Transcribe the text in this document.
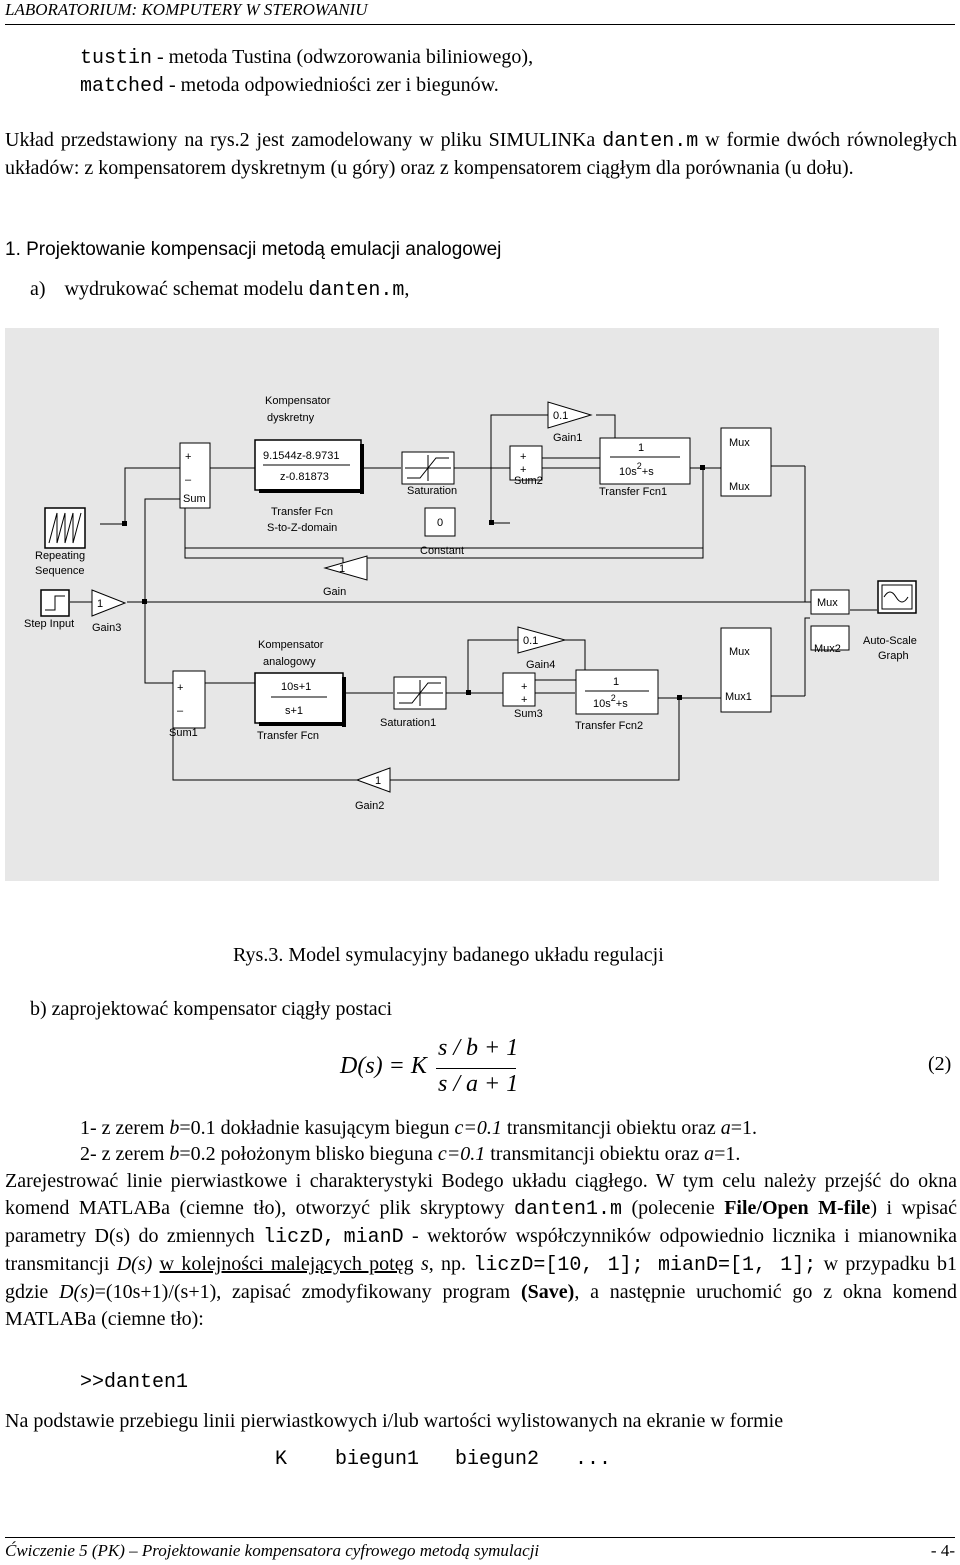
LABORATORIUM: KOMPUTERY W STEROWANIU
tustin - metoda Tustina (odwzorowania biliniowego),
matched - metoda odpowiedniości zer i biegunów.
Układ przedstawiony na rys.2 jest zamodelowany w pliku SIMULINKa danten.m w formie dwóch równoległych układów: z kompensatorem dyskretnym (u góry) oraz z kompensatorem ciągłym dla porównania (u dołu).
1. Projektowanie kompensacji metodą emulacji analogowej
a) wydrukować schemat modelu danten.m,
Repeating
Sequence
Step Input
1
Gain3
+
–
Sum
Kompensator
dyskretny
9.1544z-8.9731
z-0.81873
Transfer Fcn
S-to-Z-domain
1
Gain
Saturation
0
Constant
0.1
Gain1
+
+
Sum2
1
$10s^2+s$
Transfer Fcn1
Mux
Mux
Mux
Auto-Scale
Graph
Mux2
+
–
Sum1
Kompensator
analogowy
10s+1
s+1
Transfer Fcn
Saturation1
0.1
Gain4
+
+
Sum3
1
$10s^2+s$
Transfer Fcn2
Mux
Mux1
1
Gain2
Rys.3. Model symulacyjny badanego układu regulacji
b) zaprojektować kompensator ciągły postaci
D(s) = K
s / b + 1
s / a + 1
(2)
1- z zerem b=0.1 dokładnie kasującym biegun c=0.1 transmitancji obiektu oraz a=1.
2- z zerem b=0.2 położonym blisko bieguna c=0.1 transmitancji obiektu oraz a=1.
Zarejestrować linie pierwiastkowe i charakterystyki Bodego układu ciągłego. W tym celu należy przejść do okna komend MATLABa (ciemne tło), otworzyć plik skryptowy danten1.m (polecenie File/Open M-file) i wpisać parametry D(s) do zmiennych liczD, mianD - wektorów współczynników odpowiednio licznika i mianownika transmitancji D(s) w kolejności malejących potęg s, np. liczD=[10, 1]; mianD=[1, 1]; w przypadku b1 gdzie D(s)=(10s+1)/(s+1), zapisać zmodyfikowany program (Save), a następnie uruchomić go z okna komend MATLABa (ciemne tło):
>>danten1
Na podstawie przebiegu linii pierwiastkowych i/lub wartości wylistowanych na ekranie w formie
K    biegun1   biegun2   ...
Ćwiczenie 5 (PK) – Projektowanie kompensatora cyfrowego metodą symulacji	- 4-
